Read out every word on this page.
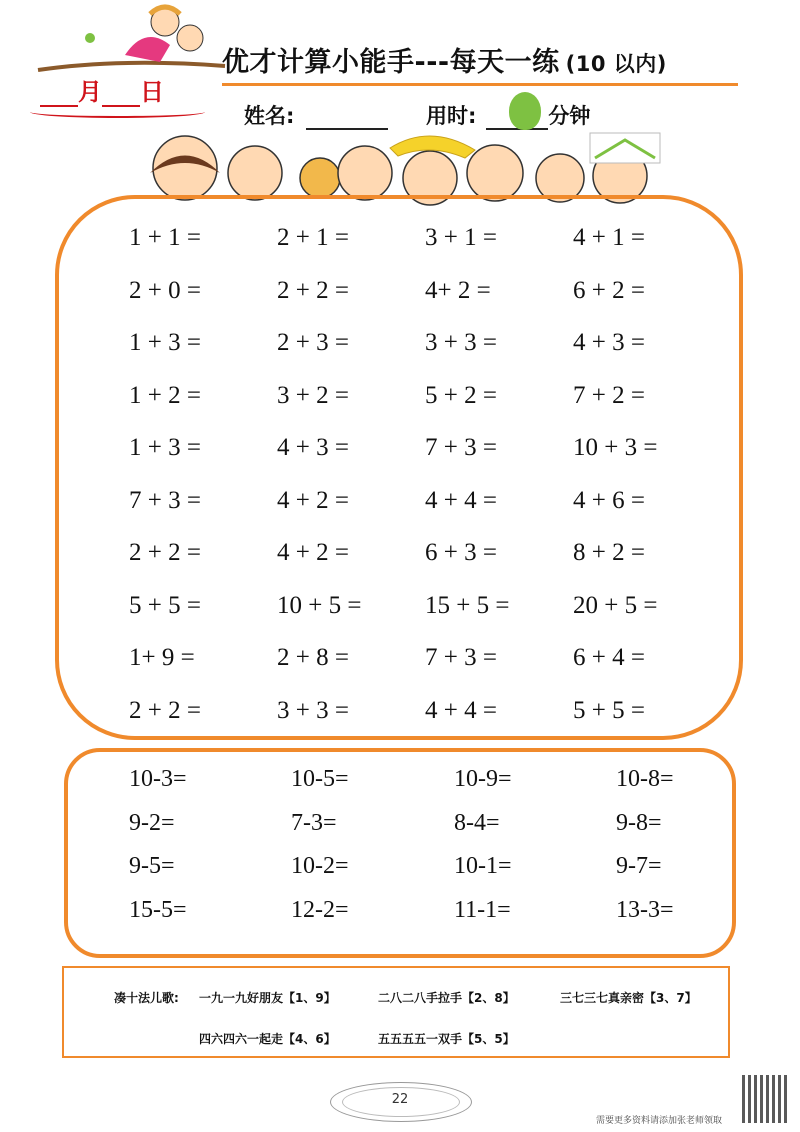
月 日
优才计算小能手---每天一练 (10 以内)
姓名:	用时:	分钟
1 + 1 =	2 + 1 =	3 + 1 =	4 + 1 =
2 + 0 =	2 + 2 =	4+ 2 =	6 + 2 =
1 + 3 =	2 + 3 =	3 + 3 =	4 + 3 =
1 + 2 =	3 + 2 =	5 + 2 =	7 + 2 =
1 + 3 =	4 + 3 =	7 + 3 =	10 + 3 =
7 + 3 =	4 + 2 =	4 + 4 =	4 + 6 =
2 + 2 =	4 + 2 =	6 + 3 =	8 + 2 =
5 + 5 =	10 + 5 =	15 + 5 =	20 + 5 =
1+ 9 =	2 + 8 =	7 + 3 =	6 + 4 =
2 + 2 =	3 + 3 =	4 + 4 =	5 + 5 =
10-3=	10-5=	10-9=	10-8=
9-2=	7-3=	8-4=	9-8=
9-5=	10-2=	10-1=	9-7=
15-5=	12-2=	11-1=	13-3=
凑十法儿歌: 一九一九好朋友【1、9】	二八二八手拉手【2、8】	三七三七真亲密【3、7】
四六四六一起走【4、6】	五五五五一双手【5、5】
22
需要更多资料请添加张老师领取
